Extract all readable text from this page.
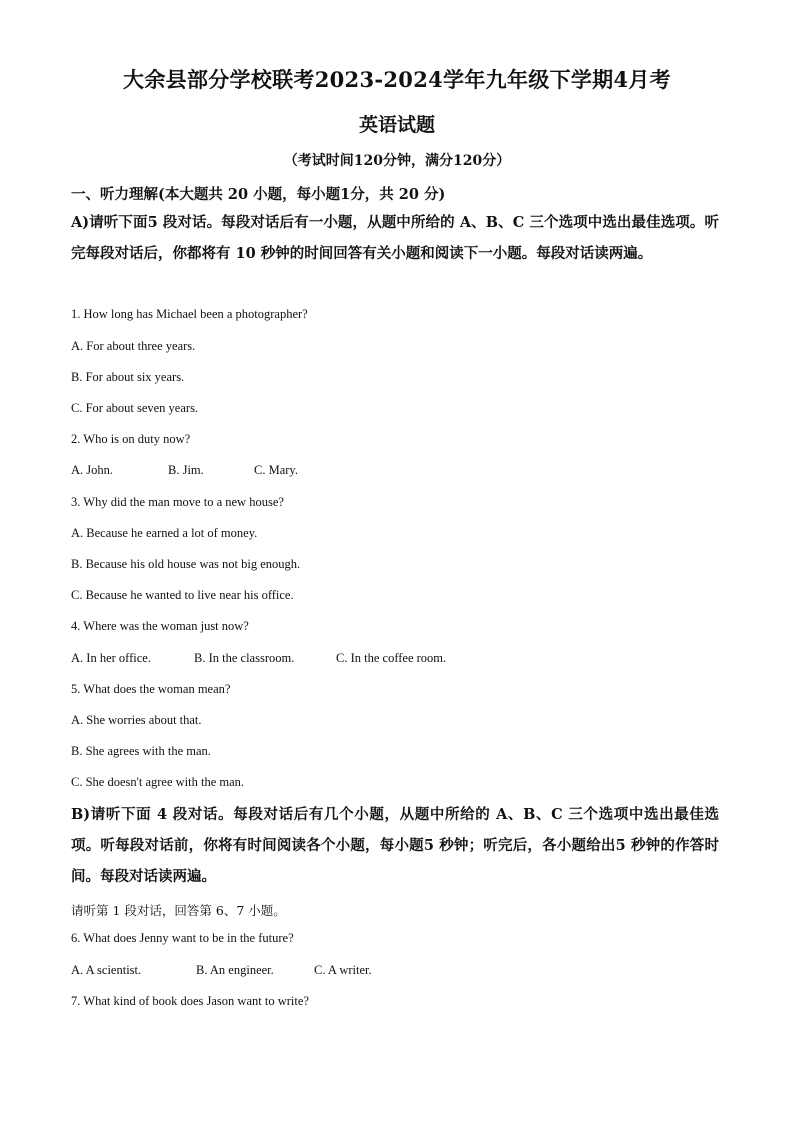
大余县部分学校联考2023-2024学年九年级下学期4月考
英语试题
（考试时间120分钟，满分120分）
一、听力理解(本大题共 20 小题，每小题1分，共 20 分)
A)请听下面5 段对话。每段对话后有一小题，从题中所给的 A、B、C 三个选项中选出最佳选项。听完每段对话后，你都将有 10 秒钟的时间回答有关小题和阅读下一小题。每段对话读两遍。
1. How long has Michael been a photographer?
A. For about three years.
B. For about six years.
C. For about seven years.
2. Who is on duty now?
A. John.	B. Jim.	C. Mary.
3. Why did the man move to a new house?
A. Because he earned a lot of money.
B. Because his old house was not big enough.
C. Because he wanted to live near his office.
4. Where was the woman just now?
A. In her office.	B. In the classroom.	C. In the coffee room.
5. What does the woman mean?
A. She worries about that.
B. She agrees with the man.
C. She doesn't agree with the man.
B)请听下面 4 段对话。每段对话后有几个小题，从题中所给的 A、B、C 三个选项中选出最佳选项。听每段对话前，你将有时间阅读各个小题，每小题5 秒钟；听完后，各小题给出5 秒钟的作答时间。每段对话读两遍。
请听第 1 段对话，回答第 6、7 小题。
6. What does Jenny want to be in the future?
A. A scientist.	B. An engineer.	C. A writer.
7. What kind of book does Jason want to write?
